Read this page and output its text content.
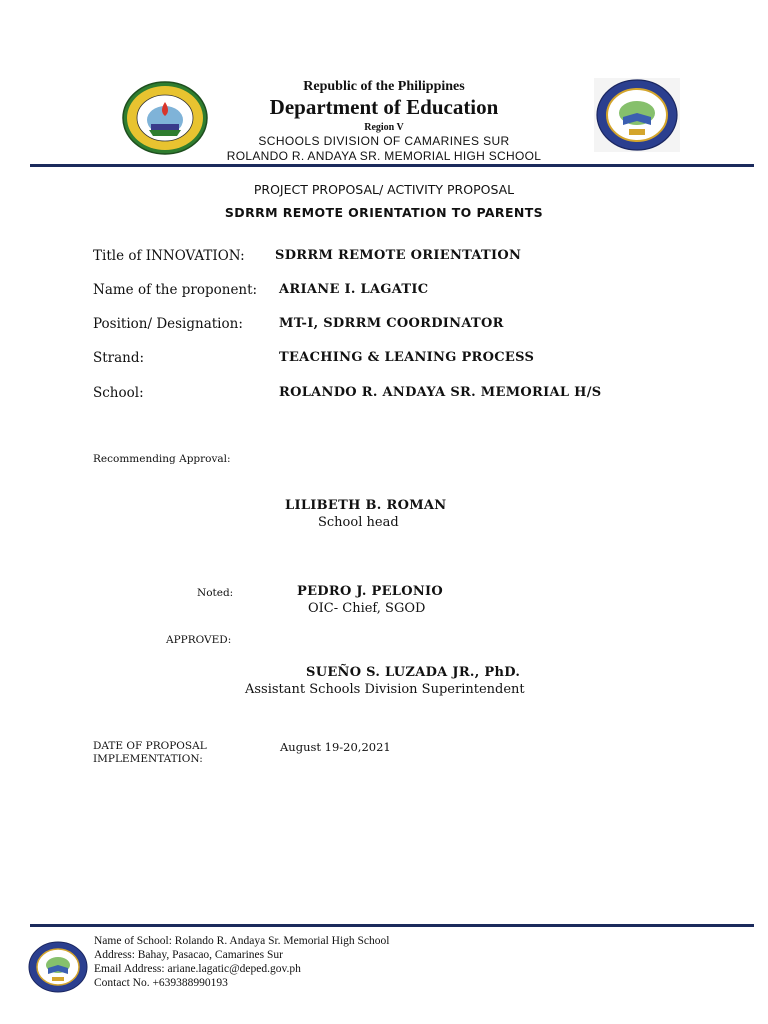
Republic of the Philippines
Department of Education
Region V
SCHOOLS DIVISION OF CAMARINES SUR
ROLANDO R. ANDAYA SR. MEMORIAL HIGH SCHOOL
PROJECT PROPOSAL/ ACTIVITY PROPOSAL
SDRRM REMOTE ORIENTATION TO PARENTS
Title of INNOVATION: SDRRM REMOTE ORIENTATION
Name of the proponent: ARIANE I. LAGATIC
Position/ Designation:	MT-I, SDRRM COORDINATOR
Strand:	TEACHING & LEANING PROCESS
School:	ROLANDO R. ANDAYA SR. MEMORIAL H/S
Recommending Approval:
LILIBETH B. ROMAN
School head
Noted:	PEDRO J. PELONIO
OIC- Chief, SGOD
APPROVED:
SUEÑO S. LUZADA JR., PhD.
Assistant Schools Division Superintendent
DATE OF PROPOSAL
IMPLEMENTATION:
August 19-20,2021
Name of School: Rolando R. Andaya Sr. Memorial High School
Address: Bahay, Pasacao, Camarines Sur
Email Address: ariane.lagatic@deped.gov.ph
Contact No. +639388990193
